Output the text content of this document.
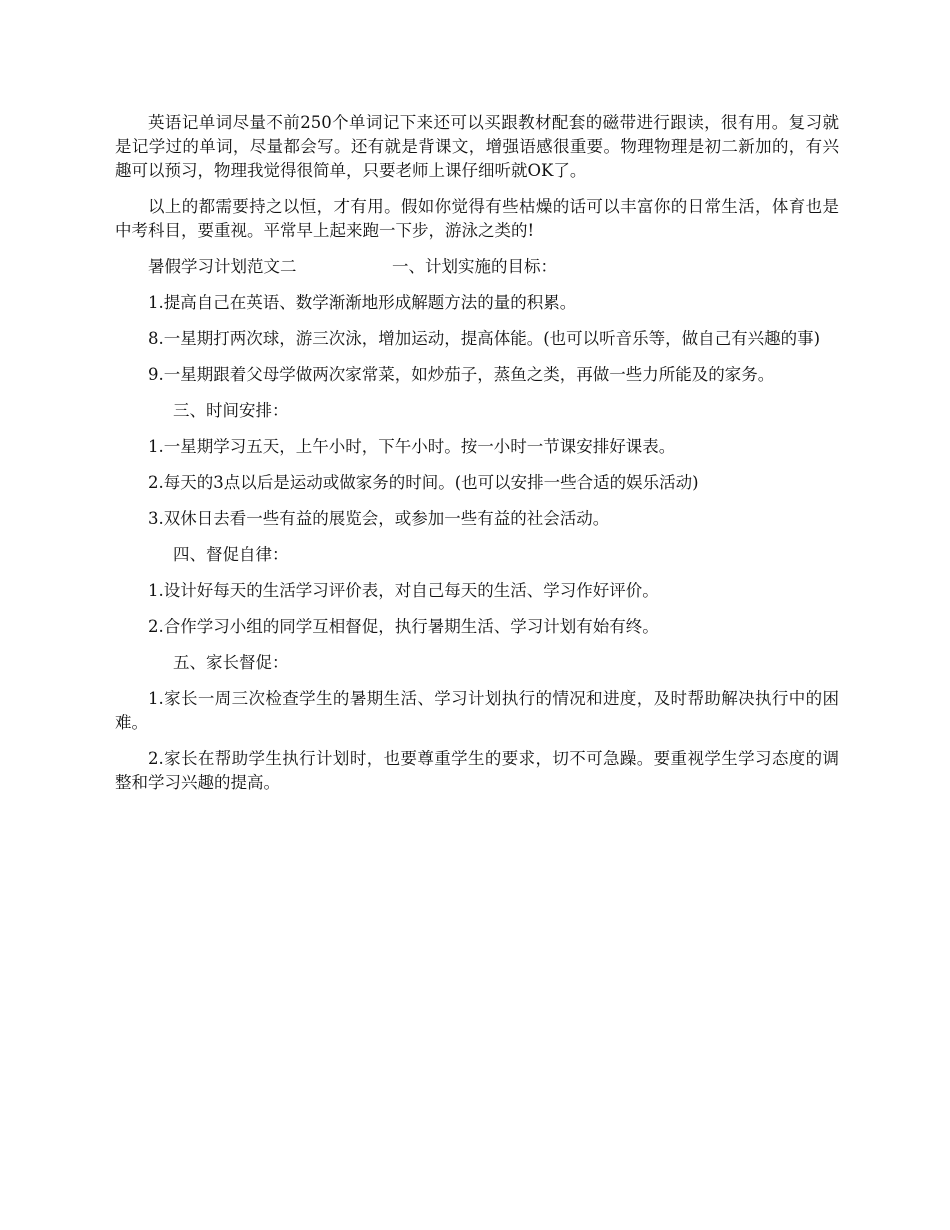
英语记单词尽量不前250个单词记下来还可以买跟教材配套的磁带进行跟读，很有用。复习就是记学过的单词，尽量都会写。还有就是背课文，增强语感很重要。物理物理是初二新加的，有兴趣可以预习，物理我觉得很简单，只要老师上课仔细听就OK了。

以上的都需要持之以恒，才有用。假如你觉得有些枯燥的话可以丰富你的日常生活，体育也是中考科目，要重视。平常早上起来跑一下步，游泳之类的!

暑假学习计划范文二	一、计划实施的目标：

1.提高自己在英语、数学渐渐地形成解题方法的量的积累。

8.一星期打两次球，游三次泳，增加运动，提高体能。(也可以听音乐等，做自己有兴趣的事)

9.一星期跟着父母学做两次家常菜，如炒茄子，蒸鱼之类，再做一些力所能及的家务。

三、时间安排：

1.一星期学习五天，上午小时，下午小时。按一小时一节课安排好课表。

2.每天的3点以后是运动或做家务的时间。(也可以安排一些合适的娱乐活动)

3.双休日去看一些有益的展览会，或参加一些有益的社会活动。

四、督促自律：

1.设计好每天的生活学习评价表，对自己每天的生活、学习作好评价。

2.合作学习小组的同学互相督促，执行暑期生活、学习计划有始有终。

五、家长督促：

1.家长一周三次检查学生的暑期生活、学习计划执行的情况和进度，及时帮助解决执行中的困难。

2.家长在帮助学生执行计划时，也要尊重学生的要求，切不可急躁。要重视学生学习态度的调整和学习兴趣的提高。
